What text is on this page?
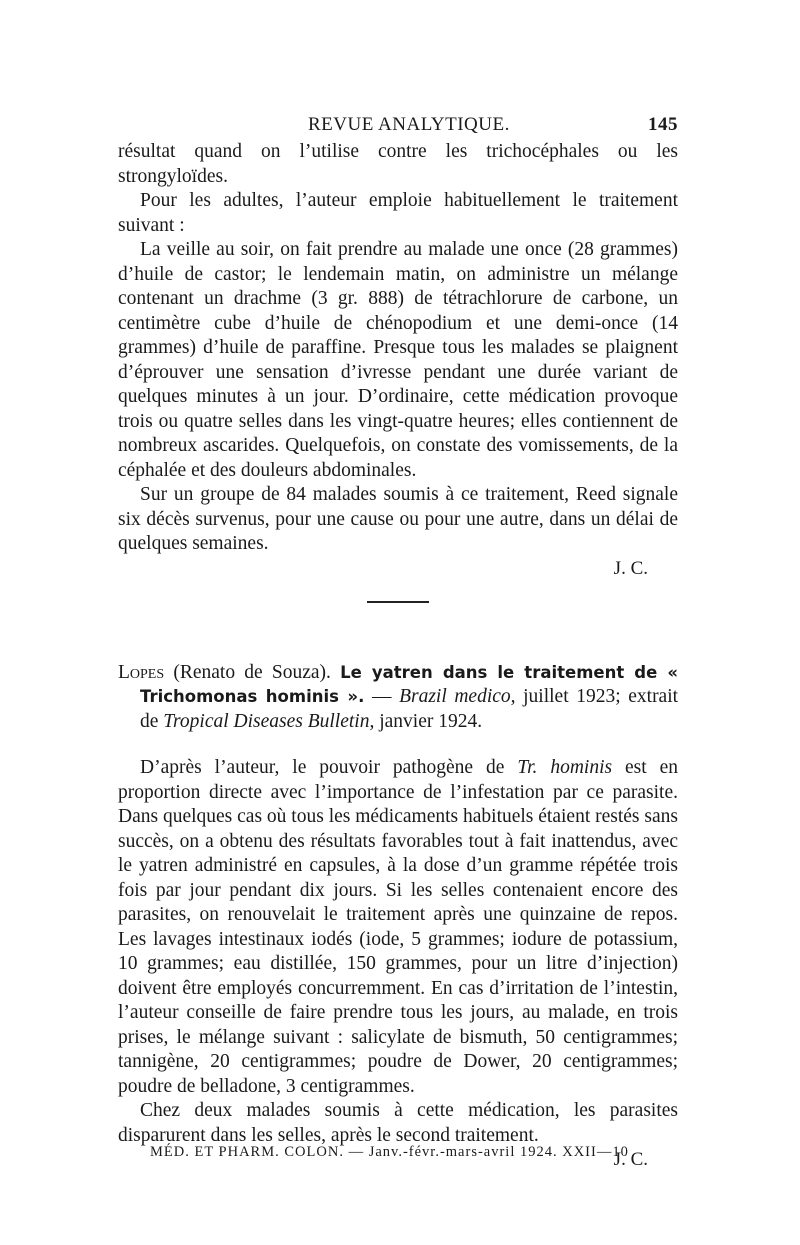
REVUE ANALYTIQUE.	145

résultat quand on l’utilise contre les trichocéphales ou les strongyloïdes.

Pour les adultes, l’auteur emploie habituellement le traitement suivant :

La veille au soir, on fait prendre au malade une once (28 grammes) d’huile de castor; le lendemain matin, on administre un mélange contenant un drachme (3 gr. 888) de tétrachlorure de carbone, un centimètre cube d’huile de chénopodium et une demi-once (14 grammes) d’huile de paraffine. Presque tous les malades se plaignent d’éprouver une sensation d’ivresse pendant une durée variant de quelques minutes à un jour. D’ordinaire, cette médication provoque trois ou quatre selles dans les vingt-quatre heures; elles contiennent de nombreux ascarides. Quelquefois, on constate des vomissements, de la céphalée et des douleurs abdominales.

Sur un groupe de 84 malades soumis à ce traitement, Reed signale six décès survenus, pour une cause ou pour une autre, dans un délai de quelques semaines.

J. C.

Lopes (Renato de Souza). Le yatren dans le traitement de « Trichomonas hominis ». — Brazil medico, juillet 1923; extrait de Tropical Diseases Bulletin, janvier 1924.

D’après l’auteur, le pouvoir pathogène de Tr. hominis est en proportion directe avec l’importance de l’infestation par ce parasite. Dans quelques cas où tous les médicaments habituels étaient restés sans succès, on a obtenu des résultats favorables tout à fait inattendus, avec le yatren administré en capsules, à la dose d’un gramme répétée trois fois par jour pendant dix jours. Si les selles contenaient encore des parasites, on renouvelait le traitement après une quinzaine de repos. Les lavages intestinaux iodés (iode, 5 grammes; iodure de potassium, 10 grammes; eau distillée, 150 grammes, pour un litre d’injection) doivent être employés concurremment. En cas d’irritation de l’intestin, l’auteur conseille de faire prendre tous les jours, au malade, en trois prises, le mélange suivant : salicylate de bismuth, 50 centigrammes; tannigène, 20 centigrammes; poudre de Dower, 20 centigrammes; poudre de belladone, 3 centigrammes.

Chez deux malades soumis à cette médication, les parasites disparurent dans les selles, après le second traitement.

J. C.
MÉD. ET PHARM. COLON. — Janv.-févr.-mars-avril 1924. XXII—10
